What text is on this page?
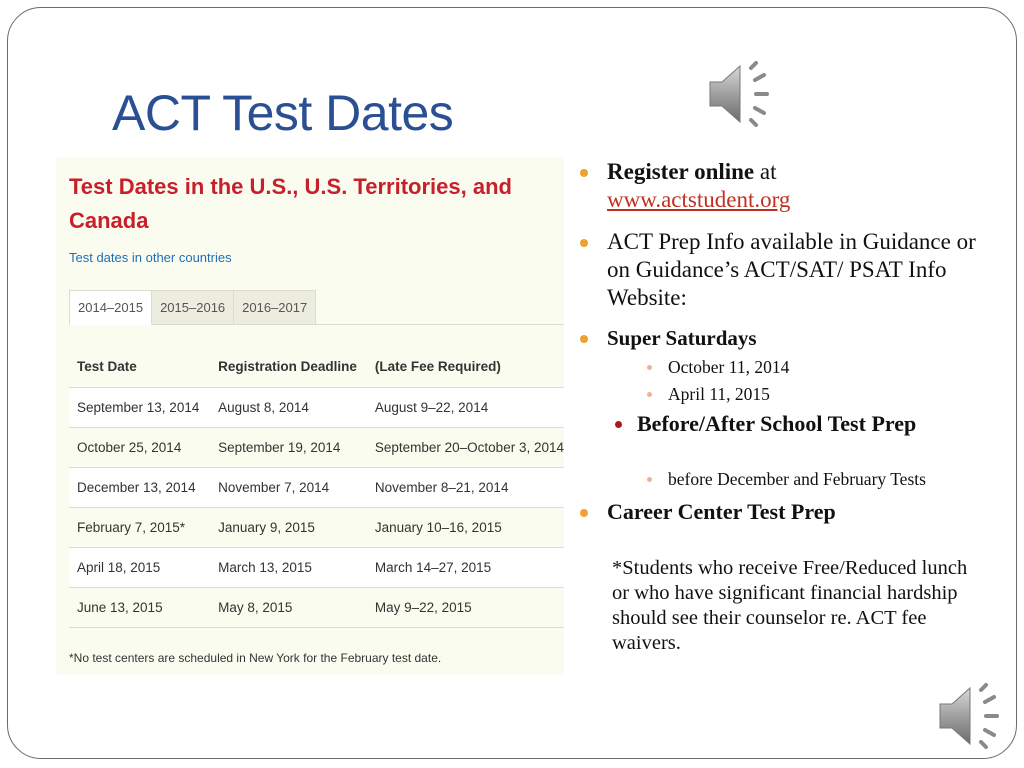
ACT Test Dates
Test Dates in the U.S., U.S. Territories, and Canada
Test dates in other countries
2014–2015	2015–2016	2016–2017
Test Date	Registration Deadline	(Late Fee Required)
September 13, 2014	August 8, 2014	August 9–22, 2014
October 25, 2014	September 19, 2014	September 20–October 3, 2014
December 13, 2014	November 7, 2014	November 8–21, 2014
February 7, 2015*	January 9, 2015	January 10–16, 2015
April 18, 2015	March 13, 2015	March 14–27, 2015
June 13, 2015	May 8, 2015	May 9–22, 2015
*No test centers are scheduled in New York for the February test date.
Register online at
www.actstudent.org
ACT Prep Info available in Guidance or on Guidance’s ACT/SAT/ PSAT Info Website:
Super Saturdays
October 11, 2014
April 11, 2015
Before/After School Test Prep
before December and February Tests
Career Center Test Prep
*Students who receive Free/Reduced lunch or who have significant financial hardship should see their counselor re. ACT fee waivers.
